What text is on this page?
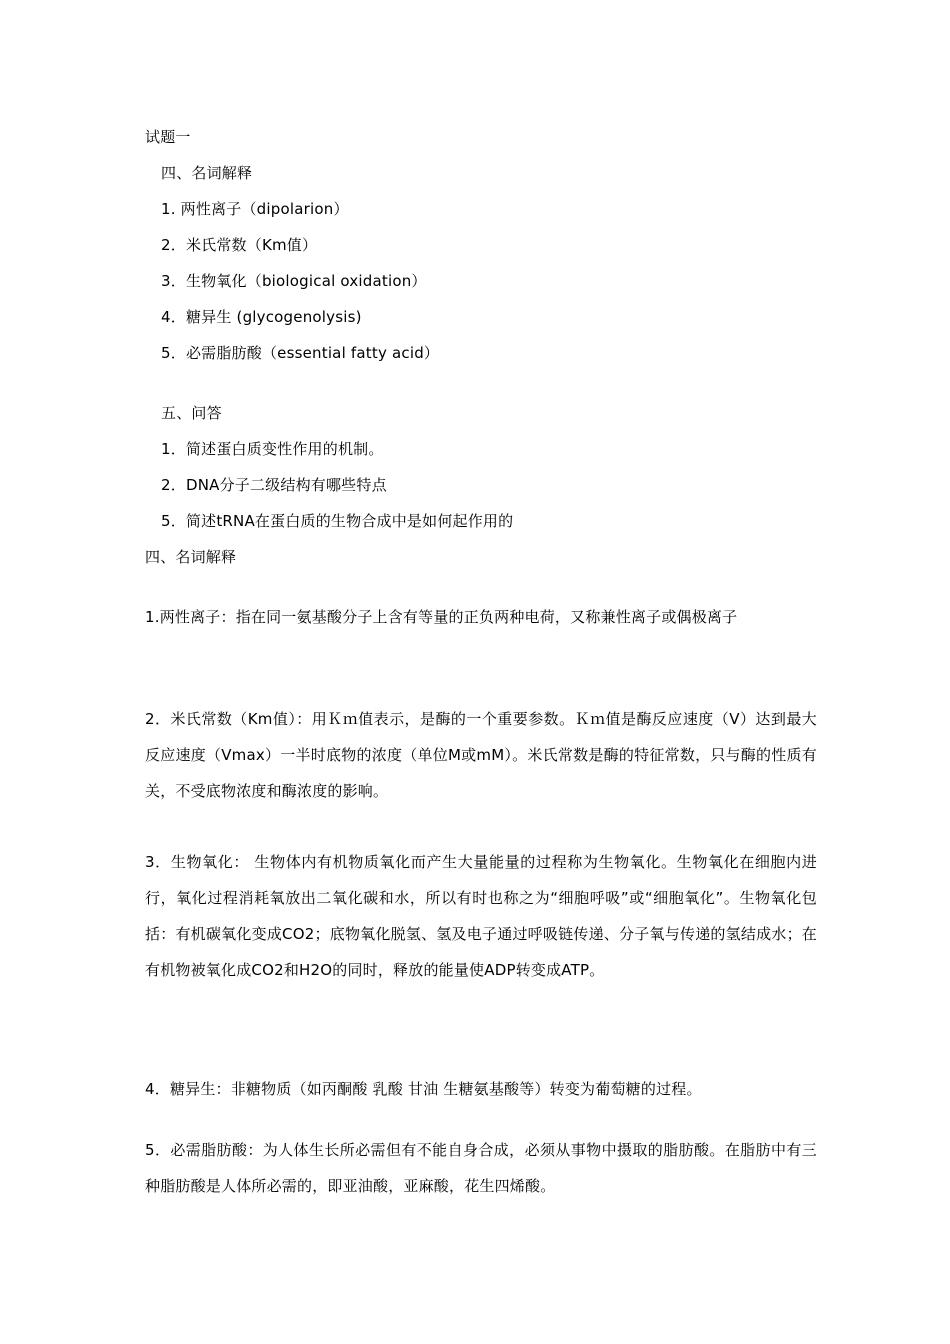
试题一
四、名词解释
1. 两性离子（dipolarion）
2．米氏常数（Km值）
3．生物氧化（biological oxidation）
4．糖异生 (glycogenolysis)
5．必需脂肪酸（essential fatty acid）
五、问答
1．简述蛋白质变性作用的机制。
2．DNA分子二级结构有哪些特点
5．简述tRNA在蛋白质的生物合成中是如何起作用的
四、名词解释
1.两性离子：指在同一氨基酸分子上含有等量的正负两种电荷，又称兼性离子或偶极离子
2．米氏常数（Km值）：用Ｋｍ值表示，是酶的一个重要参数。Ｋｍ值是酶反应速度（V）达到最大反应速度（Vmax）一半时底物的浓度（单位M或mM）。米氏常数是酶的特征常数，只与酶的性质有关，不受底物浓度和酶浓度的影响。
3．生物氧化： 生物体内有机物质氧化而产生大量能量的过程称为生物氧化。生物氧化在细胞内进行，氧化过程消耗氧放出二氧化碳和水，所以有时也称之为“细胞呼吸”或“细胞氧化”。生物氧化包括：有机碳氧化变成CO2；底物氧化脱氢、氢及电子通过呼吸链传递、分子氧与传递的氢结成水；在有机物被氧化成CO2和H2O的同时，释放的能量使ADP转变成ATP。
4．糖异生：非糖物质（如丙酮酸 乳酸 甘油 生糖氨基酸等）转变为葡萄糖的过程。
5．必需脂肪酸：为人体生长所必需但有不能自身合成，必须从事物中摄取的脂肪酸。在脂肪中有三种脂肪酸是人体所必需的，即亚油酸，亚麻酸，花生四烯酸。
